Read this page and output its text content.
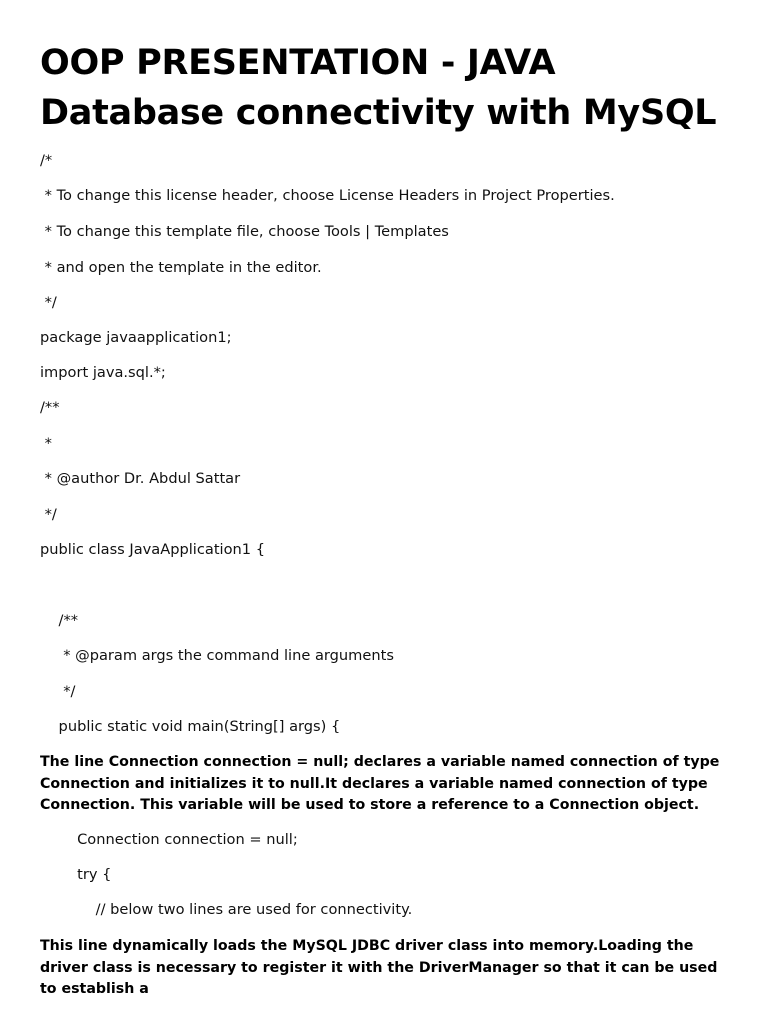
OOP PRESENTATION - JAVA
Database connectivity with MySQL
/*
* To change this license header, choose License Headers in Project Properties.
* To change this template file, choose Tools | Templates
* and open the template in the editor.
*/
package javaapplication1;
import java.sql.*;
/**
*
* @author Dr. Abdul Sattar
*/
public class JavaApplication1 {
/**
* @param args the command line arguments
*/
public static void main(String[] args) {
The line Connection connection = null; declares a variable named connection of type Connection and initializes it to null.It declares a variable named connection of type Connection. This variable will be used to store a reference to a Connection object.
Connection connection = null;
try {
// below two lines are used for connectivity.
This line dynamically loads the MySQL JDBC driver class into memory.Loading the driver class is necessary to register it with the DriverManager so that it can be used to establish a
